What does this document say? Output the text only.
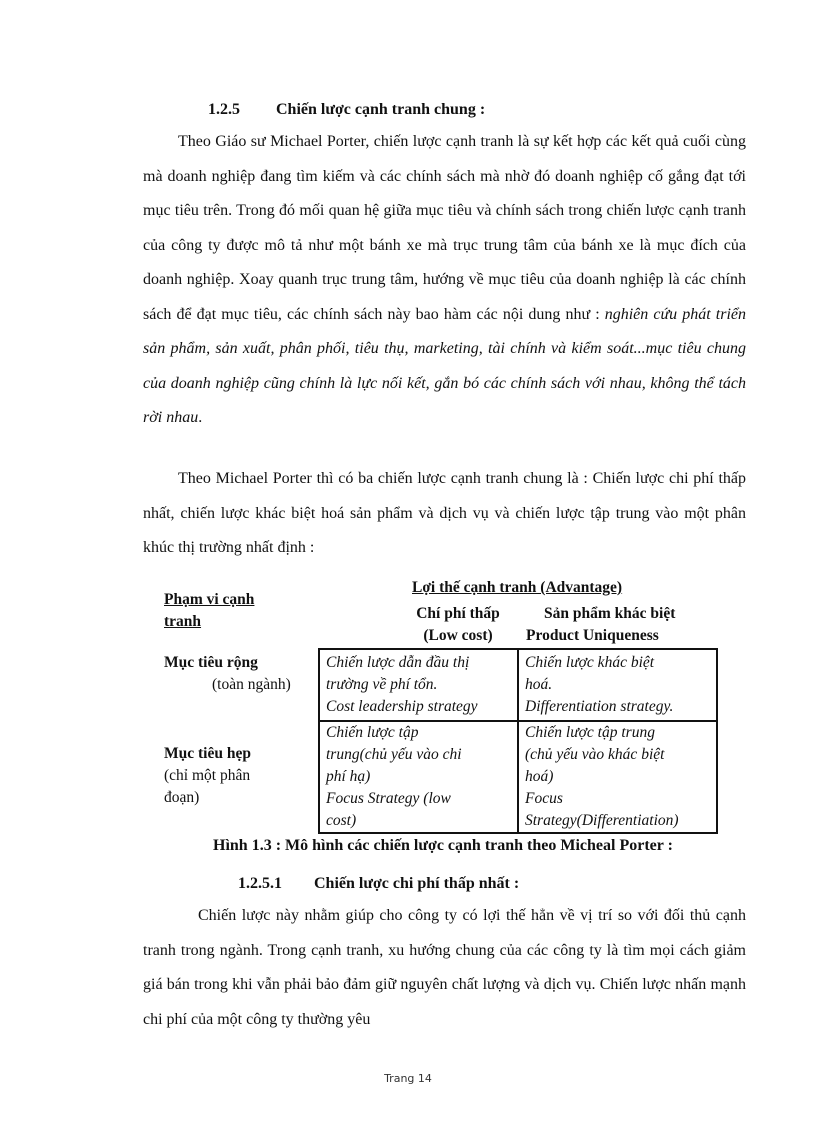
1.2.5 Chiến lược cạnh tranh chung :
Theo Giáo sư Michael Porter, chiến lược cạnh tranh là sự kết hợp các kết quả cuối cùng mà doanh nghiệp đang tìm kiếm và các chính sách mà nhờ đó doanh nghiệp cố gắng đạt tới mục tiêu trên. Trong đó mối quan hệ giữa mục tiêu và chính sách trong chiến lược cạnh tranh của công ty được mô tả như một bánh xe mà trục trung tâm của bánh xe là mục đích của doanh nghiệp. Xoay quanh trục trung tâm, hướng về mục tiêu của doanh nghiệp là các chính sách để đạt mục tiêu, các chính sách này bao hàm các nội dung như : nghiên cứu phát triển sản phẩm, sản xuất, phân phối, tiêu thụ, marketing, tài chính và kiểm soát...mục tiêu chung của doanh nghiệp cũng chính là lực nối kết, gắn bó các chính sách với nhau, không thể tách rời nhau.
Theo Michael Porter thì có ba chiến lược cạnh tranh chung là : Chiến lược chi phí thấp nhất, chiến lược khác biệt hoá sản phẩm và dịch vụ và chiến lược tập trung vào một phân khúc thị trường nhất định :
Phạm vi cạnh
tranh
Lợi thế cạnh tranh (Advantage)
Chí phí thấp
(Low cost)
Sản phẩm khác biệt
Product Uniqueness
Mục tiêu rộng
(toàn ngành)
Mục tiêu hẹp
(chỉ một phân
đoạn)
Chiến lược dẫn đầu thị
trường về phí tổn.
Cost leadership strategy
Chiến lược khác biệt
hoá.
Differentiation strategy.
Chiến lược tập
trung(chủ yếu vào chi
phí hạ)
Focus Strategy (low
cost)
Chiến lược tập trung
(chủ yếu vào khác biệt
hoá)
Focus
Strategy(Differentiation)
Hình 1.3 : Mô hình các chiến lược cạnh tranh theo Micheal Porter :
1.2.5.1 Chiến lược chi phí thấp nhất :
Chiến lược này nhằm giúp cho công ty có lợi thế hẳn về vị trí so với đối thủ cạnh tranh trong ngành. Trong cạnh tranh, xu hướng chung của các công ty là tìm mọi cách giảm giá bán trong khi vẫn phải bảo đảm giữ nguyên chất lượng và dịch vụ. Chiến lược nhấn mạnh chi phí của một công ty thường yêu
Trang 14
